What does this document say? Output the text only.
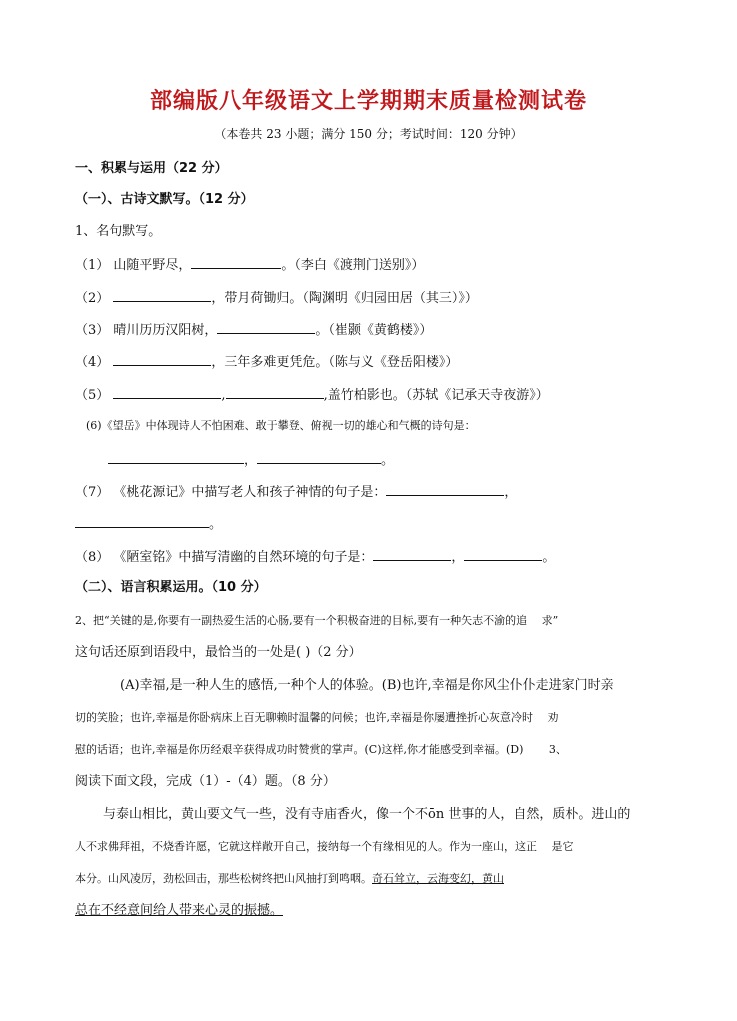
部编版八年级语文上学期期末质量检测试卷
（本卷共 23 小题；满分 150 分；考试时间：120 分钟）
一、积累与运用（22 分）
（一）、古诗文默写。（12 分）
1、名句默写。
（1） 山随平野尽，	。（李白《渡荆门送别》）
（2）	，带月荷锄归。（陶渊明《归园田居（其三）》）
（3） 晴川历历汉阳树，	。（崔颢《黄鹤楼》）
（4）	，三年多难更凭危。（陈与义《登岳阳楼》）
（5）	,	,盖竹柏影也。（苏轼《记承天寺夜游》）
(6)《望岳》中体现诗人不怕困难、敢于攀登、俯视一切的雄心和气概的诗句是：
，	。
（7） 《桃花源记》中描写老人和孩子神情的句子是：	，
。
（8） 《陋室铭》中描写清幽的自然环境的句子是：	，	。
（二）、语言积累运用。（10 分）
2、把“关键的是,你要有一副热爱生活的心肠,要有一个积极奋进的目标,要有一种矢志不渝的追　 求”
这句话还原到语段中，最恰当的一处是( )（2 分）
(A)幸福,是一种人生的感悟,一种个人的体验。(B)也许,幸福是你风尘仆仆走进家门时亲
切的笑脸；也许,幸福是你卧病床上百无聊赖时温馨的问候；也许,幸福是你屡遭挫折心灰意冷时　 劝
慰的话语；也许,幸福是你历经艰辛获得成功时赞赏的掌声。(C)这样,你才能感受到幸福。(D)　　 3、
阅读下面文段，完成（1）-（4）题。（8 分）
与泰山相比，黄山要文气一些，没有寺庙香火，像一个不ōn 世事的人，自然，质朴。进山的
人不求佛拜祖，不烧香许愿，它就这样敞开自己，接纳每一个有缘相见的人。作为一座山，这正　 是它
本分。山风凌厉，劲松回击，那些松树终把山风抽打到鸣咽。奇石耸立，云海变幻，黄山
总在不经意间给人带来心灵的振撼。
